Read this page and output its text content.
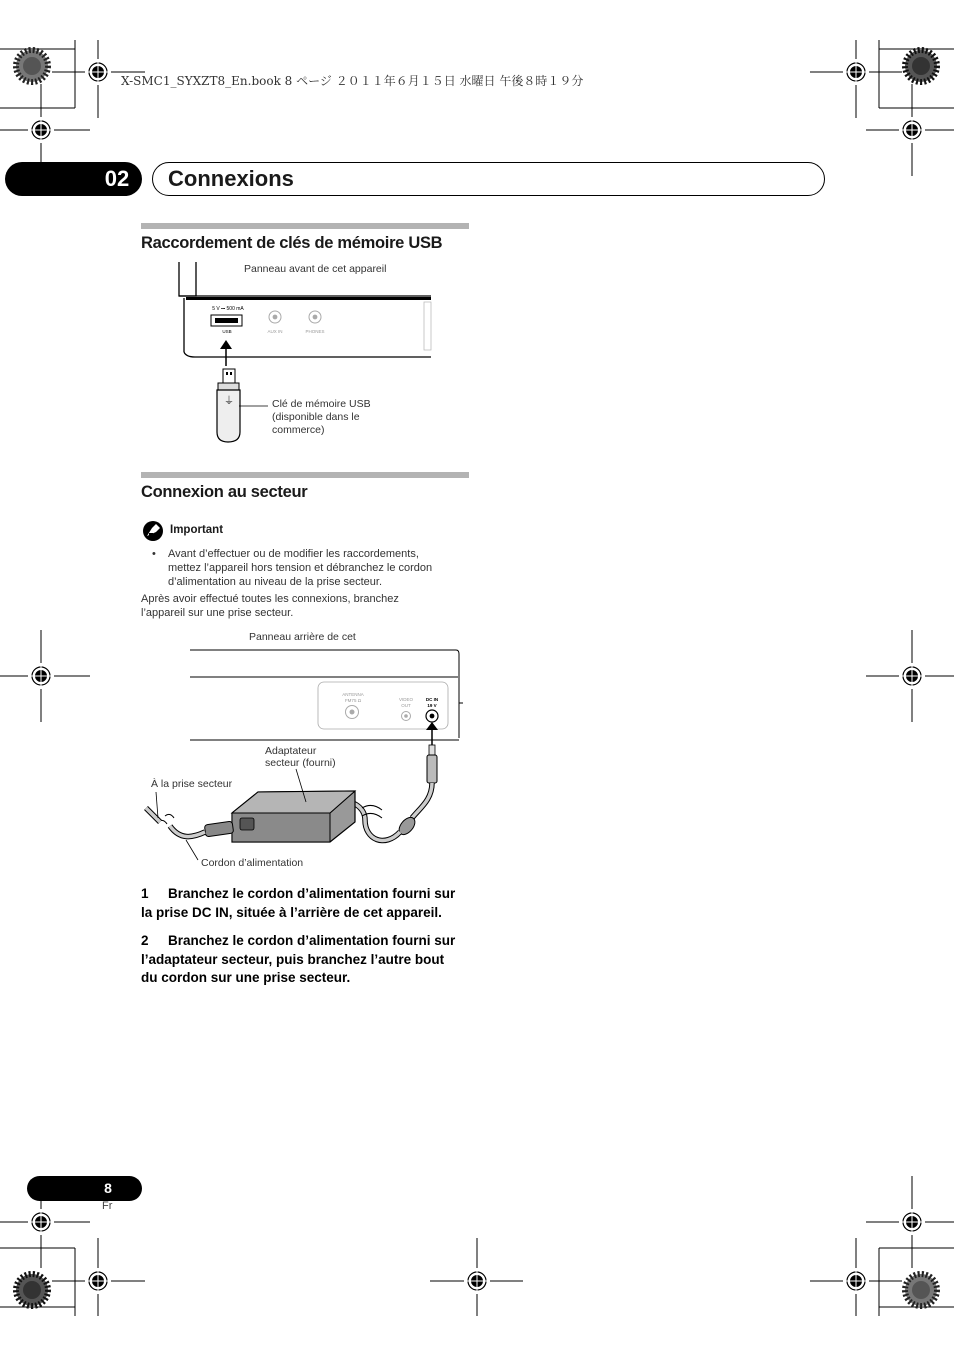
X-SMC1_SYXZT8_En.book 8 ページ ２０１１年６月１５日 水曜日 午後８時１９分
02 Connexions
Raccordement de clés de mémoire USB
⏚
Panneau avant de cet appareil
5 V ⎓ 500 mA
USB	AUX IN	PHONES
Clé de mémoire USB
(disponible dans le
commerce)
Connexion au secteur
Important
• Avant d’effectuer ou de modifier les raccordements,
mettez l’appareil hors tension et débranchez le cordon
d’alimentation au niveau de la prise secteur.
Après avoir effectué toutes les connexions, branchez
l’appareil sur une prise secteur.
Panneau arrière de cet
ANTENNA
FM75 Ω	VIDEO
OUT
DC IN
19 V
Adaptateur
secteur (fourni)
À la prise secteur
Cordon d’alimentation
1 Branchez le cordon d’alimentation fourni sur
la prise DC IN, située à l’arrière de cet appareil.
2 Branchez le cordon d’alimentation fourni sur
l’adaptateur secteur, puis branchez l’autre bout
du cordon sur une prise secteur.
8
Fr
